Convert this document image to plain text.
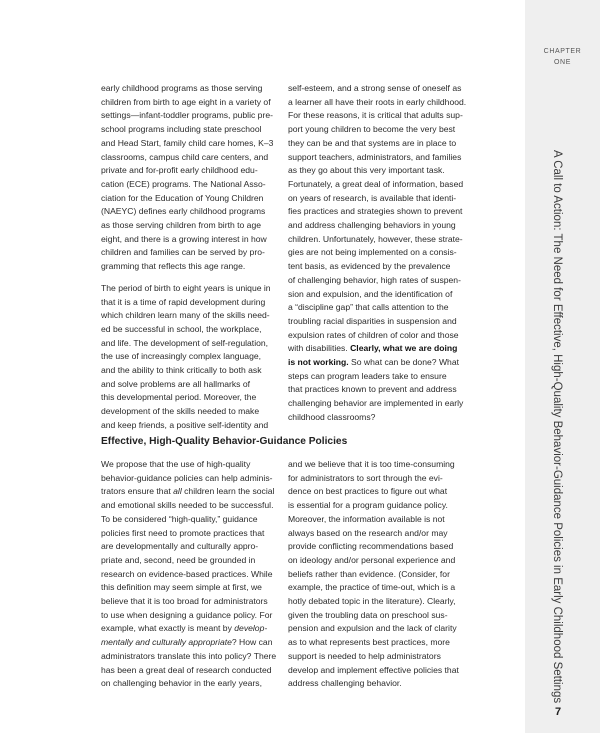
CHAPTER
ONE
A Call to Action: The Need for Effective, High-Quality Behavior-Guidance Policies in Early Childhood Settings
7

early childhood programs as those serving
children from birth to age eight in a variety of
settings—infant-toddler programs, public pre-
school programs including state preschool
and Head Start, family child care homes, K–3
classrooms, campus child care centers, and
private and for-profit early childhood edu-
cation (ECE) programs. The National Asso-
ciation for the Education of Young Children
(NAEYC) defines early childhood programs
as those serving children from birth to age
eight, and there is a growing interest in how
children and families can be served by pro-
gramming that reflects this age range.

The period of birth to eight years is unique in
that it is a time of rapid development during
which children learn many of the skills need-
ed be successful in school, the workplace,
and life. The development of self-regulation,
the use of increasingly complex language,
and the ability to think critically to both ask
and solve problems are all hallmarks of
this developmental period. Moreover, the
development of the skills needed to make
and keep friends, a positive self-identity and

self-esteem, and a strong sense of oneself as
a learner all have their roots in early childhood.
For these reasons, it is critical that adults sup-
port young children to become the very best
they can be and that systems are in place to
support teachers, administrators, and families
as they go about this very important task.
Fortunately, a great deal of information, based
on years of research, is available that identi-
fies practices and strategies shown to prevent
and address challenging behaviors in young
children. Unfortunately, however, these strate-
gies are not being implemented on a consis-
tent basis, as evidenced by the prevalence
of challenging behavior, high rates of suspen-
sion and expulsion, and the identification of
a “discipline gap” that calls attention to the
troubling racial disparities in suspension and
expulsion rates of children of color and those
with disabilities. Clearly, what we are doing
is not working. So what can be done? What
steps can program leaders take to ensure
that practices known to prevent and address
challenging behavior are implemented in early
childhood classrooms?

Effective, High-Quality Behavior-Guidance Policies

We propose that the use of high-quality
behavior-guidance policies can help adminis-
trators ensure that all children learn the social
and emotional skills needed to be successful.
To be considered “high-quality,” guidance
policies first need to promote practices that
are developmentally and culturally appro-
priate and, second, need be grounded in
research on evidence-based practices. While
this definition may seem simple at first, we
believe that it is too broad for administrators
to use when designing a guidance policy. For
example, what exactly is meant by develop-
mentally and culturally appropriate? How can
administrators translate this into policy? There
has been a great deal of research conducted
on challenging behavior in the early years,

and we believe that it is too time-consuming
for administrators to sort through the evi-
dence on best practices to figure out what
is essential for a program guidance policy.
Moreover, the information available is not
always based on the research and/or may
provide conflicting recommendations based
on ideology and/or personal experience and
beliefs rather than evidence. (Consider, for
example, the practice of time-out, which is a
hotly debated topic in the literature). Clearly,
given the troubling data on preschool sus-
pension and expulsion and the lack of clarity
as to what represents best practices, more
support is needed to help administrators
develop and implement effective policies that
address challenging behavior.
